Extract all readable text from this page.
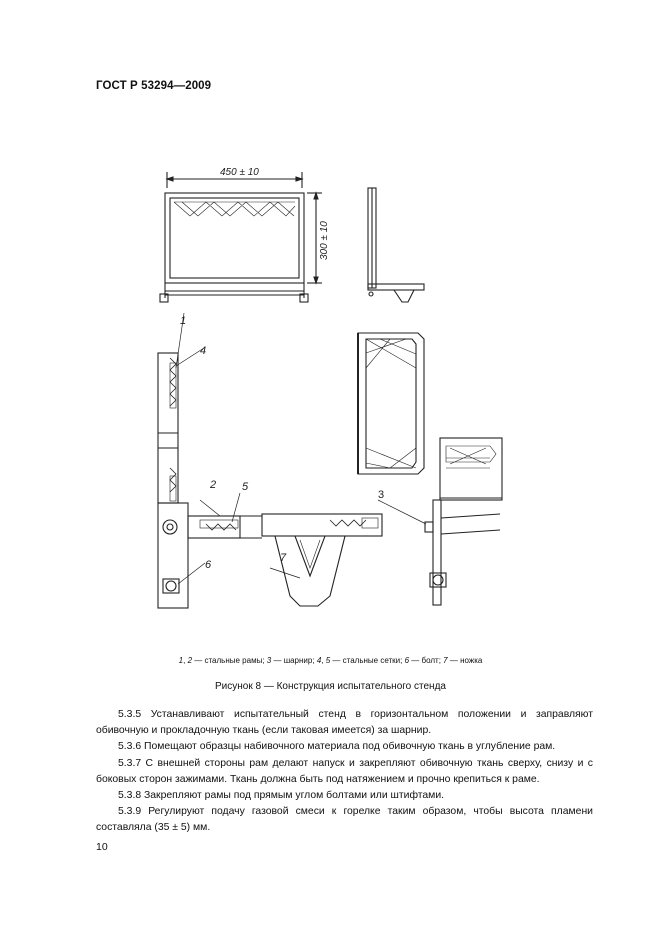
ГОСТ Р 53294—2009
450 ± 10
300 ± 10
1
2
3
4
5
6
7
1, 2 — стальные рамы; 3 — шарнир; 4, 5 — стальные сетки; 6 — болт; 7 — ножка
Рисунок 8 — Конструкция испытательного стенда

5.3.5 Устанавливают испытательный стенд в горизонтальном положении и заправляют обивочную и прокладочную ткань (если таковая имеется) за шарнир.

5.3.6 Помещают образцы набивочного материала под обивочную ткань в углубление рам.

5.3.7 С внешней стороны рам делают напуск и закрепляют обивочную ткань сверху, снизу и с боковых сторон зажимами. Ткань должна быть под натяжением и прочно крепиться к раме.

5.3.8 Закрепляют рамы под прямым углом болтами или штифтами.

5.3.9 Регулируют подачу газовой смеси к горелке таким образом, чтобы высота пламени составляла (35 ± 5) мм.

10
